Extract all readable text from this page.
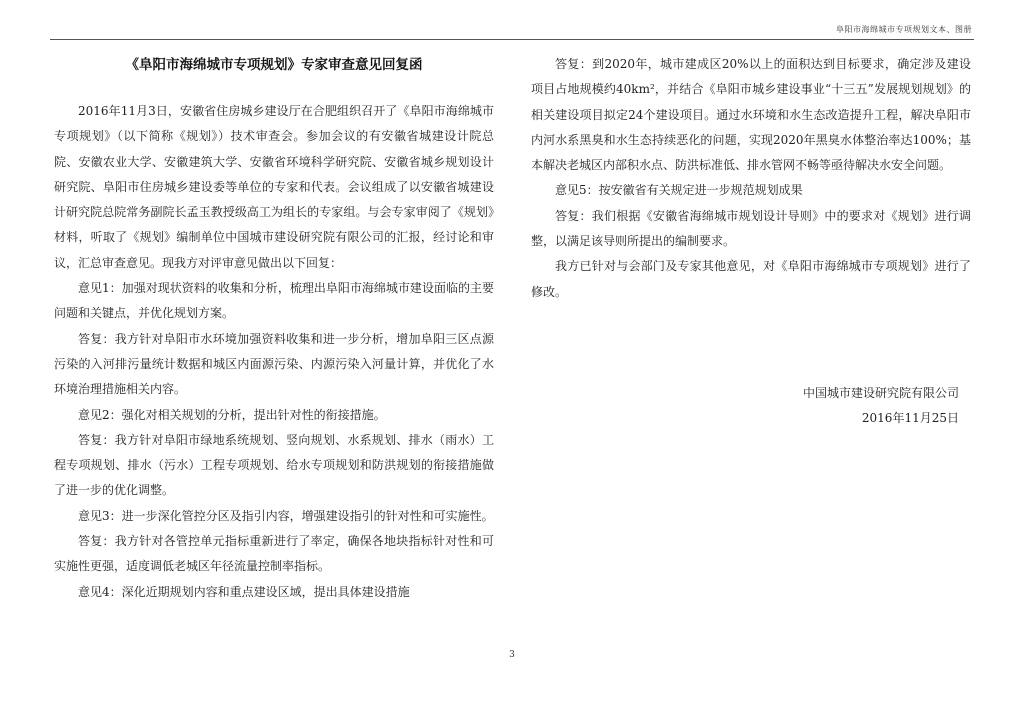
阜阳市海绵城市专项规划文本、图册
《阜阳市海绵城市专项规划》专家审查意见回复函

2016年11月3日，安徽省住房城乡建设厅在合肥组织召开了《阜阳市海绵城市专项规划》（以下简称《规划》）技术审查会。参加会议的有安徽省城建设计院总院、安徽农业大学、安徽建筑大学、安徽省环境科学研究院、安徽省城乡规划设计研究院、阜阳市住房城乡建设委等单位的专家和代表。会议组成了以安徽省城建设计研究院总院常务副院长孟玉教授级高工为组长的专家组。与会专家审阅了《规划》材料，听取了《规划》编制单位中国城市建设研究院有限公司的汇报，经讨论和审议，汇总审查意见。现我方对评审意见做出以下回复：

意见1：加强对现状资料的收集和分析，梳理出阜阳市海绵城市建设面临的主要问题和关键点，并优化规划方案。

答复：我方针对阜阳市水环境加强资料收集和进一步分析，增加阜阳三区点源污染的入河排污量统计数据和城区内面源污染、内源污染入河量计算，并优化了水环境治理措施相关内容。

意见2：强化对相关规划的分析，提出针对性的衔接措施。

答复：我方针对阜阳市绿地系统规划、竖向规划、水系规划、排水（雨水）工程专项规划、排水（污水）工程专项规划、给水专项规划和防洪规划的衔接措施做了进一步的优化调整。

意见3：进一步深化管控分区及指引内容，增强建设指引的针对性和可实施性。

答复：我方针对各管控单元指标重新进行了率定，确保各地块指标针对性和可实施性更强，适度调低老城区年径流量控制率指标。

意见4：深化近期规划内容和重点建设区域，提出具体建设措施

答复：到2020年，城市建成区20%以上的面积达到目标要求，确定涉及建设项目占地规模约40km²，并结合《阜阳市城乡建设事业“十三五”发展规划规划》的相关建设项目拟定24个建设项目。通过水环境和水生态改造提升工程，解决阜阳市内河水系黑臭和水生态持续恶化的问题，实现2020年黑臭水体整治率达100%；基本解决老城区内部积水点、防洪标准低、排水管网不畅等亟待解决水安全问题。

意见5：按安徽省有关规定进一步规范规划成果

答复：我们根据《安徽省海绵城市规划设计导则》中的要求对《规划》进行调整，以满足该导则所提出的编制要求。

我方已针对与会部门及专家其他意见，对《阜阳市海绵城市专项规划》进行了修改。

中国城市建设研究院有限公司

2016年11月25日

3
